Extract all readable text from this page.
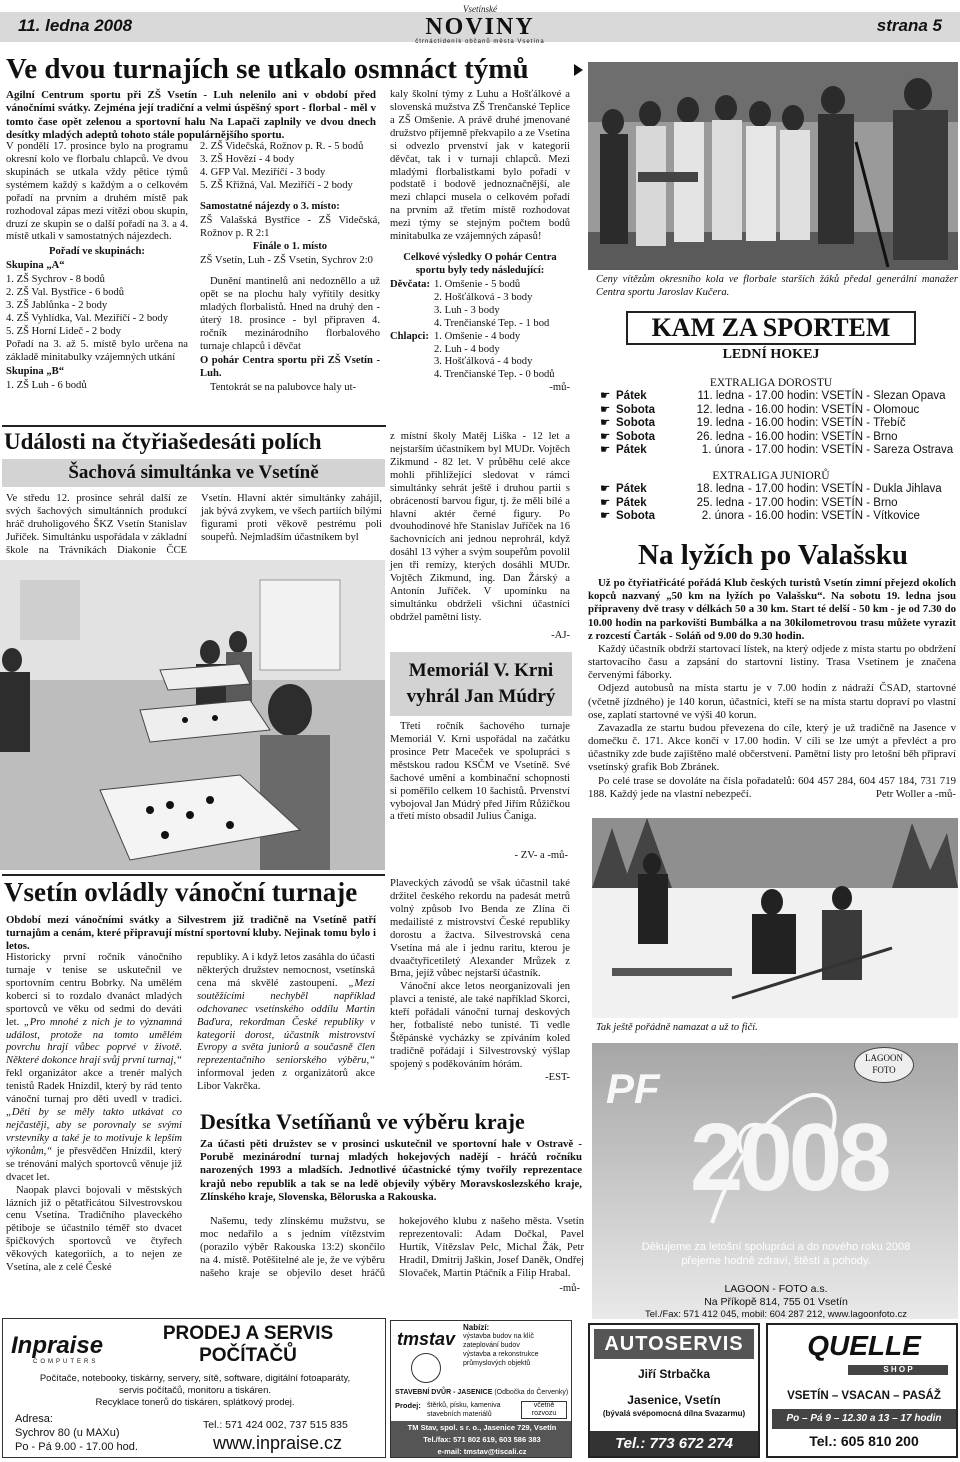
11. ledna 2008
Vsetínské
NOVINY
čtrnáctideník občanů města Vsetína
strana 5
Ve dvou turnajích se utkalo osmnáct týmů

Agilní Centrum sportu při ZŠ Vsetín - Luh nelenilo ani v období před vánočními svátky. Zejména její tradiční a velmi úspěšný sport - florbal - měl v tomto čase opět zelenou a sportovní halu Na Lapači zaplnily ve dvou dnech desítky mladých adeptů tohoto stále populárnějšího sportu.

V pondělí 17. prosince bylo na programu okresní kolo ve florbalu chlapců. Ve dvou skupinách se utkala vždy pětice týmů systémem každý s každým a o celkovém pořadí na prvním a druhém místě pak rozhodoval zápas mezi vítězi obou skupin, druzí ze skupin se o další pořadí na 3. a 4. místě utkali v samostatných nájezdech.

Pořadí ve skupinách:

Skupina „A“

1. ZŠ Sychrov - 8 bodů
2. ZŠ Val. Bystřice - 6 bodů
3. ZŠ Jablůnka - 2 body
4. ZŠ Vyhlídka, Val. Meziříčí - 2 body
5. ZŠ Horní Lideč - 2 body

Pořadí na 3. až 5. místě bylo určena na základě minitabulky vzájemných utkání

Skupina „B“

1. ZŠ Luh - 6 bodů
2. ZŠ Videčská, Rožnov p. R. - 5 bodů
3. ZŠ Hovězí - 4 body
4. GFP Val. Meziříčí - 3 body
5. ZŠ Křižná, Val. Meziříčí - 2 body

Samostatné nájezdy o 3. místo:

ZŠ Valašská Bystřice - ZŠ Videčská, Rožnov p. R 2:1

Finále o 1. místo

ZŠ Vsetín, Luh - ZŠ Vsetín, Sychrov 2:0

Dunění mantinelů ani nedozněllo a už opět se na plochu haly vyřítily desítky mladých florbalistů. Hned na druhý den - úterý 18. prosince - byl připraven 4. ročník mezinárodního florbalového turnaje chlapců i děvčat

O pohár Centra sportu při ZŠ Vsetín - Luh.

Tentokrát se na palubovce haly ut-

kaly školní týmy z Luhu a Hošťálkové a slovenská mužstva ZŠ Trenčanské Teplice a ZŠ Omšenie. A právě druhé jmenované družstvo příjemně překvapilo a ze Vsetína si odvezlo prvenství jak v kategorii děvčat, tak i v turnaji chlapců. Mezi mladými florbalistkami bylo pořadí v podstatě i bodově jednoznačnější, ale mezi chlapci musela o celkovém pořadí na prvním až třetím místě rozhodovat mezi týmy se stejným počtem bodů minitabulka ze vzájemných zápasů!

Celkové výsledky O pohár Centra sportu byly tedy následující:

Děvčata: 1. Omšenie - 5 bodů
2. Hošťálková - 3 body
3. Luh - 3 body
4. Trenčianské Tep. - 1 bod
Chlapci: 1. Omšenie - 4 body
2. Luh - 4 body
3. Hošťálková - 4 body
4. Trenčianské Tep. - 0 bodů

-mů-

Ceny vítězům okresního kola ve florbale starších žáků předal generální manažer Centra sportu Jaroslav Kučera.

KAM ZA SPORTEM
LEDNÍ HOKEJ
EXTRALIGA DOROSTU
☛ Pátek	11. ledna - 17.00 hodin: VSETÍN - Slezan Opava
☛ Sobota	12. ledna - 16.00 hodin: VSETÍN - Olomouc
☛ Sobota	19. ledna - 16.00 hodin: VSETÍN - Třebíč
☛ Sobota	26. ledna - 16.00 hodin: VSETÍN - Brno
☛ Pátek	1. února - 17.00 hodin: VSETÍN - Sareza Ostrava
EXTRALIGA JUNIORŮ
☛ Pátek	18. ledna - 17.00 hodin: VSETÍN - Dukla Jihlava
☛ Pátek	25. ledna - 17.00 hodin: VSETÍN - Brno
☛ Sobota	2. února - 16.00 hodin: VSETÍN - Vítkovice
Události na čtyřiašedesáti polích
Šachová simultánka ve Vsetíně

Ve středu 12. prosince sehrál další ze svých šachových simultánních produkcí hráč druholigového ŠKZ Vsetín Stanislav Juříček. Simultánku uspořádala v základní škole na Trávníkách Diakonie ČCE Vsetín. Hlavní aktér simultánky zahájil, jak bývá zvykem, ve všech partiích bílými figurami proti věkově pestrému poli soupeřů. Nejmladším účastníkem byl

z místní školy Matěj Liška - 12 let a nejstarším účastníkem byl MUDr. Vojtěch Zikmund - 82 let. V průběhu celé akce mohli přihlížející sledovat v rámci simultánky sehrát ještě i druhou partii s obráceností barvou figur, tj. že měli bílé a hlavní aktér černé figury. Po dvouhodinové hře Stanislav Juříček na 16 šachovnicích ani jednou neprohrál, když dosáhl 13 výher a svým soupeřům povolil jen tři remízy, kterých dosáhli MUDr. Vojtěch Zikmund, ing. Dan Žárský a Antonín Juříček. V upomínku na simultánku obdrželi všichni účastníci obdržel pamětní listy.

-AJ-

Memoriál V. Krni vyhrál Jan Múdrý

Třetí ročník šachového turnaje Memoriál V. Krni uspořádal na začátku prosince Petr Maceček ve spolupráci s městskou radou KSČM ve Vsetíně. Své šachové umění a kombinační schopnosti si poměřilo celkem 10 šachistů. Prvenství vybojoval Jan Múdrý před Jiřím Růžičkou a třetí místo obsadil Julius Čaniga.

- ZV- a -mů-

Na lyžích po Valašsku

Už po čtyřiatřicáté pořádá Klub českých turistů Vsetín zimní přejezd okolích kopců nazvaný „50 km na lyžích po Valašsku“. Na sobotu 19. ledna jsou připraveny dvě trasy v délkách 50 a 30 km. Start té delší - 50 km - je od 7.30 do 10.00 hodin na parkovišti Bumbálka a na 30kilometrovou trasu můžete vyrazit z rozcestí Čarták - Soláň od 9.00 do 9.30 hodin.

Každý účastník obdrží startovací lístek, na který odjede z místa startu po obdržení startovacího času a zapsání do startovní listiny. Trasa Vsetínem je značena červenými fáborky.

Odjezd autobusů na místa startu je v 7.00 hodin z nádraží ČSAD, startovné (včetně jízdného) je 140 korun, účastníci, kteří se na místa startu dopraví po vlastní ose, zaplatí startovné ve výši 40 korun.

Zavazadla ze startu budou převezena do cíle, který je už tradičně na Jasence v domečku č. 171. Akce končí v 17.00 hodin. V cíli se lze umýt a převléct a pro účastníky zde bude zajištěno malé občerstvení. Pamětní listy pro letošní běh připraví vsetínský grafik Bob Zbránek.

Po celé trase se dovoláte na čísla pořadatelů: 604 457 284, 604 457 184, 731 719 188. Každý jede na vlastní nebezpečí.	Petr Woller a -mů-

Tak ještě pořádně namazat a už to fičí.

LAGOON FOTO
PF
2008
Děkujeme za letošní spolupráci a do nového roku 2008
přejeme hodně zdraví, štěstí a pohody.
LAGOON - FOTO a.s.
Na Příkopě 814, 755 01 Vsetín
Tel./Fax: 571 412 045, mobil: 604 287 212, www.lagoonfoto.cz
Vsetín ovládly vánoční turnaje

Období mezi vánočními svátky a Silvestrem již tradičně na Vsetíně patří turnajům a cenám, které připravují místní sportovní kluby. Nejinak tomu bylo i letos.

Historicky první ročník vánočního turnaje v tenise se uskutečnil ve sportovním centru Bobrky. Na umělém koberci si to rozdalo dvanáct mladých sportovců ve věku od sedmi do deváti let. „Pro mnohé z nich je to významná událost, protože na tomto umělém povrchu hrají vůbec poprvé v životě. Některé dokonce hrají svůj první turnaj,“ řekl organizátor akce a trenér malých tenistů Radek Hnízdil, který by rád tento vánoční turnaj pro děti uvedl v tradici. „Děti by se měly takto utkávat co nejčastěji, aby se porovnaly se svými vrstevníky a také je to motivuje k lepším výkonům,“ je přesvědčen Hnízdil, který se trénování malých sportovců věnuje již dvacet let.

Naopak plavci bojovali v městských lázních již o pětatřicátou Silvestrovskou cenu Vsetína. Tradičního plaveckého pětiboje se účastnilo téměř sto dvacet špičkových sportovců ve čtyřech věkových kategoriích, a to nejen ze Vsetína, ale z celé České

republiky. A i když letos zasáhla do účasti některých družstev nemocnost, vsetínská cena má skvělé zastoupení. „Mezi soutěžícími nechyběl například odchovanec vsetínského oddílu Martin Baďura, rekordman České republiky v kategorii dorost, účastník mistrovství Evropy a světa juniorů a současně člen reprezentačního seniorského výběru,“ informoval jeden z organizátorů akce Libor Vakrčka.

Plaveckých závodů se však účastnil také držitel českého rekordu na padesát metrů volný způsob Ivo Benda ze Zlína či medailisté z mistrovství České republiky dorostu a žactva. Silvestrovská cena Vsetína má ale i jednu raritu, kterou je dvaačtyřicetiletý Alexander Mrůzek z Brna, jejíž vůbec nejstarší účastník.

Vánoční akce letos neorganizovali jen plavci a tenisté, ale také například Skorci, kteří pořádali vánoční turnaj deskových her, fotbalisté nebo tunisté. Ti vedle Štěpánské vycházky se zpíváním koled tradičně pořádají i Silvestrovský výšlap spojený s poděkováním hórám.

-EST-

Desítka Vsetíňanů ve výběru kraje

Za účasti pěti družstev se v prosinci uskutečnil ve sportovní hale v Ostravě - Porubě mezinárodní turnaj mladých hokejových nadějí - hráčů ročníku narozených 1993 a mladších. Jednotlivé účastnické týmy tvořily reprezentace krajů nebo republik a tak se na ledě objevily výběry Moravskoslezského kraje, Zlínského kraje, Slovenska, Běloruska a Rakouska.

Našemu, tedy zlínskému mužstvu, se moc nedařilo a s jedním vítězstvím (porazilo výběr Rakouska 13:2) skončilo na 4. místě. Potěšitelné ale je, že ve výběru našeho kraje se objevilo deset hráčů hokejového klubu z našeho města. Vsetín reprezentovali: Adam Dočkal, Pavel Hurtík, Vítězslav Pelc, Michal Žák, Petr Hradil, Dmitrij Jaškin, Josef Daněk, Ondřej Slovaček, Martin Ptáčník a Filip Hrabal.

-mů-

Inpraise
COMPUTERS
PRODEJ A SERVIS POČÍTAČŮ
Počítače, notebooky, tiskárny, servery, sítě, software, digitální fotoaparáty,
servis počítačů, monitoru a tiskáren.
Recyklace tonerů do tiskáren, splátkový prodej.
Adresa:
Sychrov 80 (u MAXu)
Po - Pá 9.00 - 17.00 hod.
Tel.: 571 424 002, 737 515 835
www.inpraise.cz
tmstav
Nabízí:
výstavba budov na klíč
zateplování budov
výstavba a rekonstrukce průmyslových objektů
STAVEBNÍ DVŮR - JASENICE (Odbočka do Červenky)
Prodej: štěrků, písku, kameniva
stavebních materiálů
včetně rozvozu
TM Stav, spol. s r. o., Jasenice 729, Vsetín
Tel./fax: 571 802 619, 603 586 383
e-mail: tmstav@tiscali.cz
AUTOSERVIS
Jiří Strbačka
Jasenice, Vsetín
(bývalá svépomocná dílna Svazarmu)
Tel.: 773 672 274
QUELLE
S H O P
VSETÍN – VSACAN – PASÁŽ
Po – Pá 9 – 12.30 a 13 – 17 hodin
Tel.: 605 810 200
